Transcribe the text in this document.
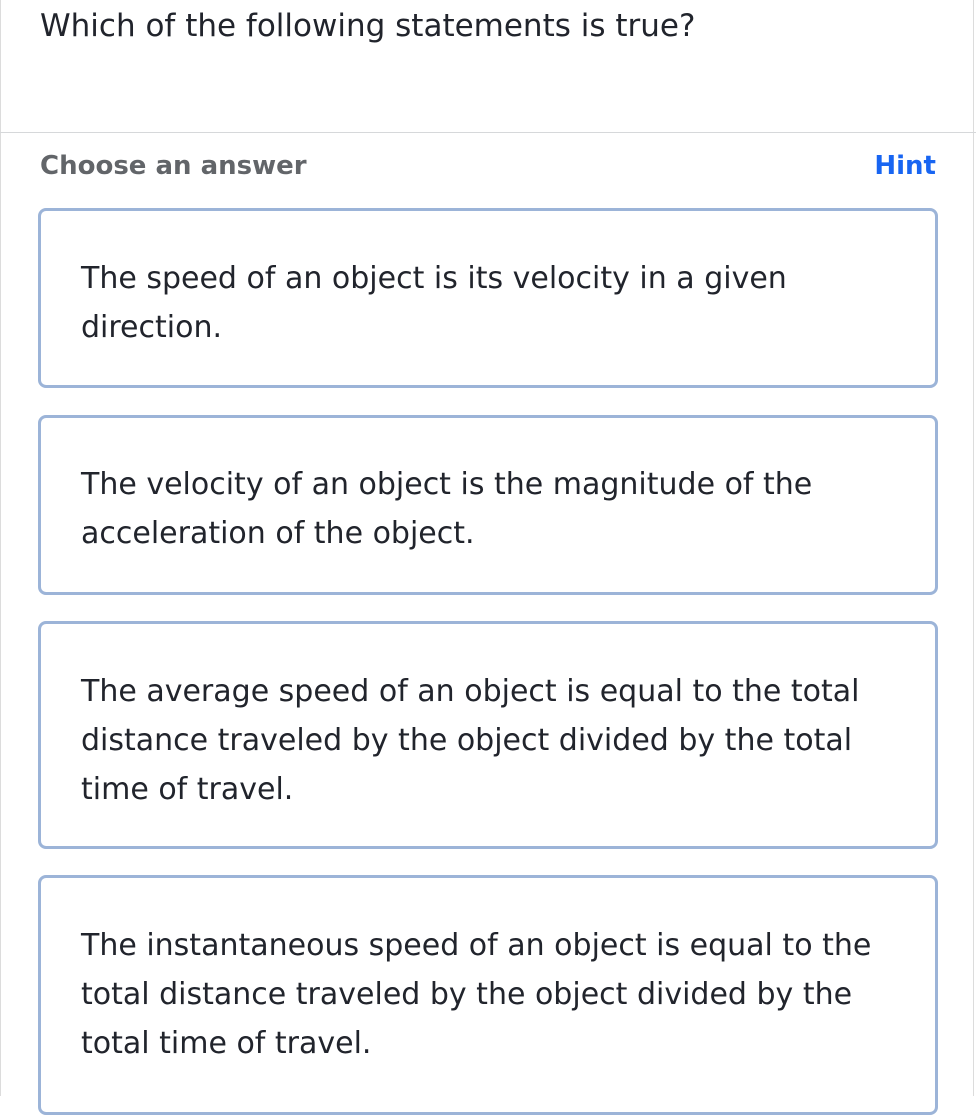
Which of the following statements is true?
Choose an answer	Hint
The speed of an object is its velocity in a given direction.
The velocity of an object is the magnitude of the acceleration of the object.
The average speed of an object is equal to the total distance traveled by the object divided by the total time of travel.
The instantaneous speed of an object is equal to the total distance traveled by the object divided by the total time of travel.
